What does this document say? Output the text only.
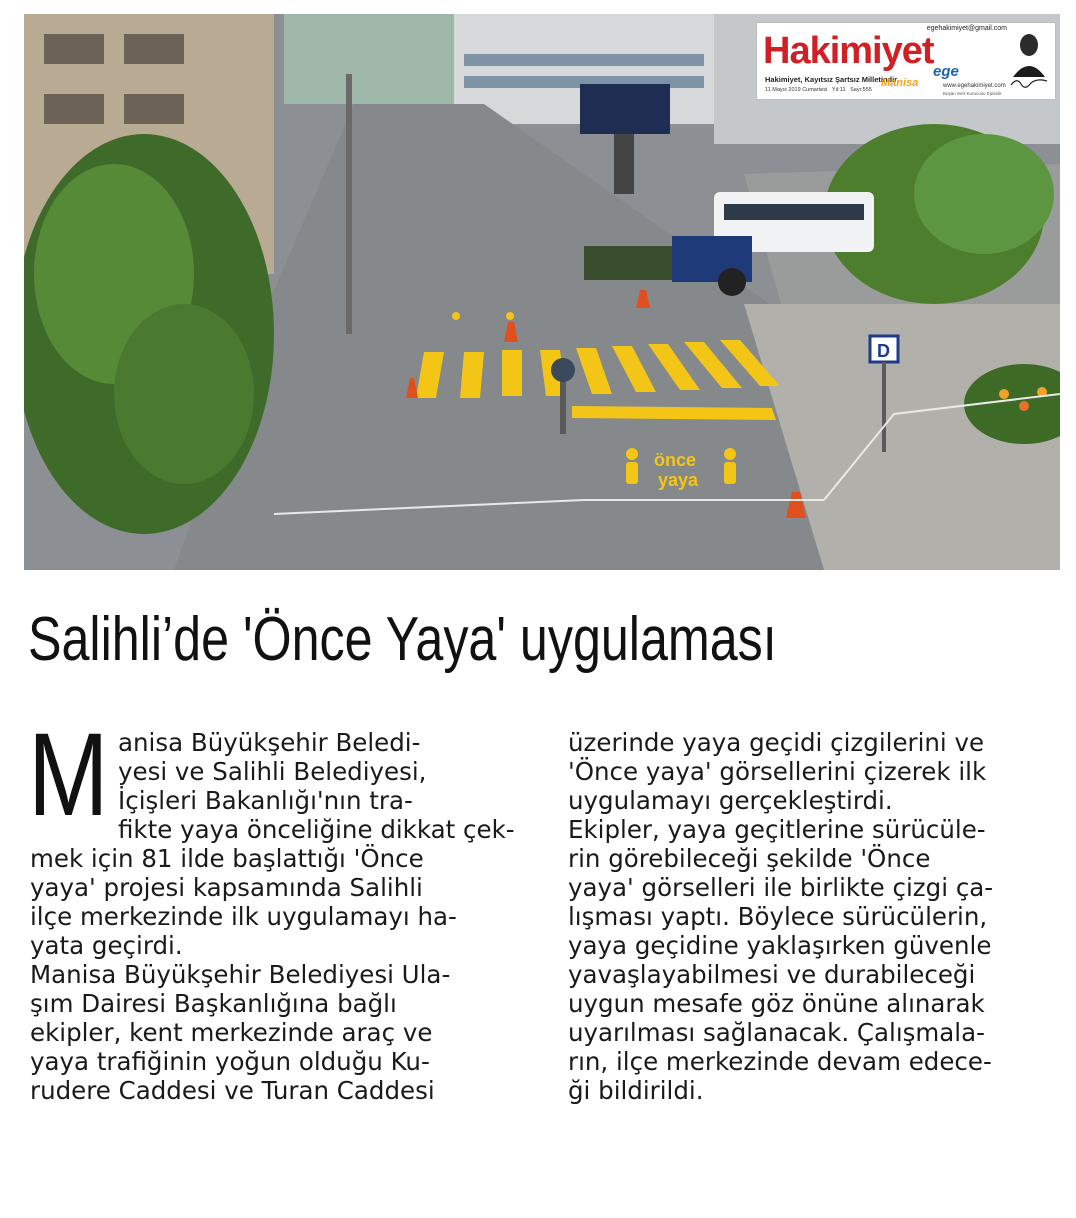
önce
yaya
D
egehakimiyet@gmail.com
Hakimiyet ege
Hakimiyet, Kayıtsız Şartsız Milletindir.
11 Mayıs 2019 Cumartesi Yıl:11 Sayı:555
Manisa	www.egehakimiyet.com
Boşan Sert Kurucusu Ejesidir
Salihli’de 'Önce Yaya' uygulaması
M anisa Büyükşehir Beledi-

yesi ve Salihli Belediyesi,

İçişleri Bakanlığı'nın tra-

fikte yaya önceliğine dikkat çek-

mek için 81 ilde başlattığı 'Önce

yaya' projesi kapsamında Salihli

ilçe merkezinde ilk uygulamayı ha-

yata geçirdi.

Manisa Büyükşehir Belediyesi Ula-

şım Dairesi Başkanlığına bağlı

ekipler, kent merkezinde araç ve

yaya trafiğinin yoğun olduğu Ku-

rudere Caddesi ve Turan Caddesi

üzerinde yaya geçidi çizgilerini ve

'Önce yaya' görsellerini çizerek ilk

uygulamayı gerçekleştirdi.

Ekipler, yaya geçitlerine sürücüle-

rin görebileceği şekilde 'Önce

yaya' görselleri ile birlikte çizgi ça-

lışması yaptı. Böylece sürücülerin,

yaya geçidine yaklaşırken güvenle

yavaşlayabilmesi ve durabileceği

uygun mesafe göz önüne alınarak

uyarılması sağlanacak. Çalışmala-

rın, ilçe merkezinde devam edece-

ği bildirildi.
